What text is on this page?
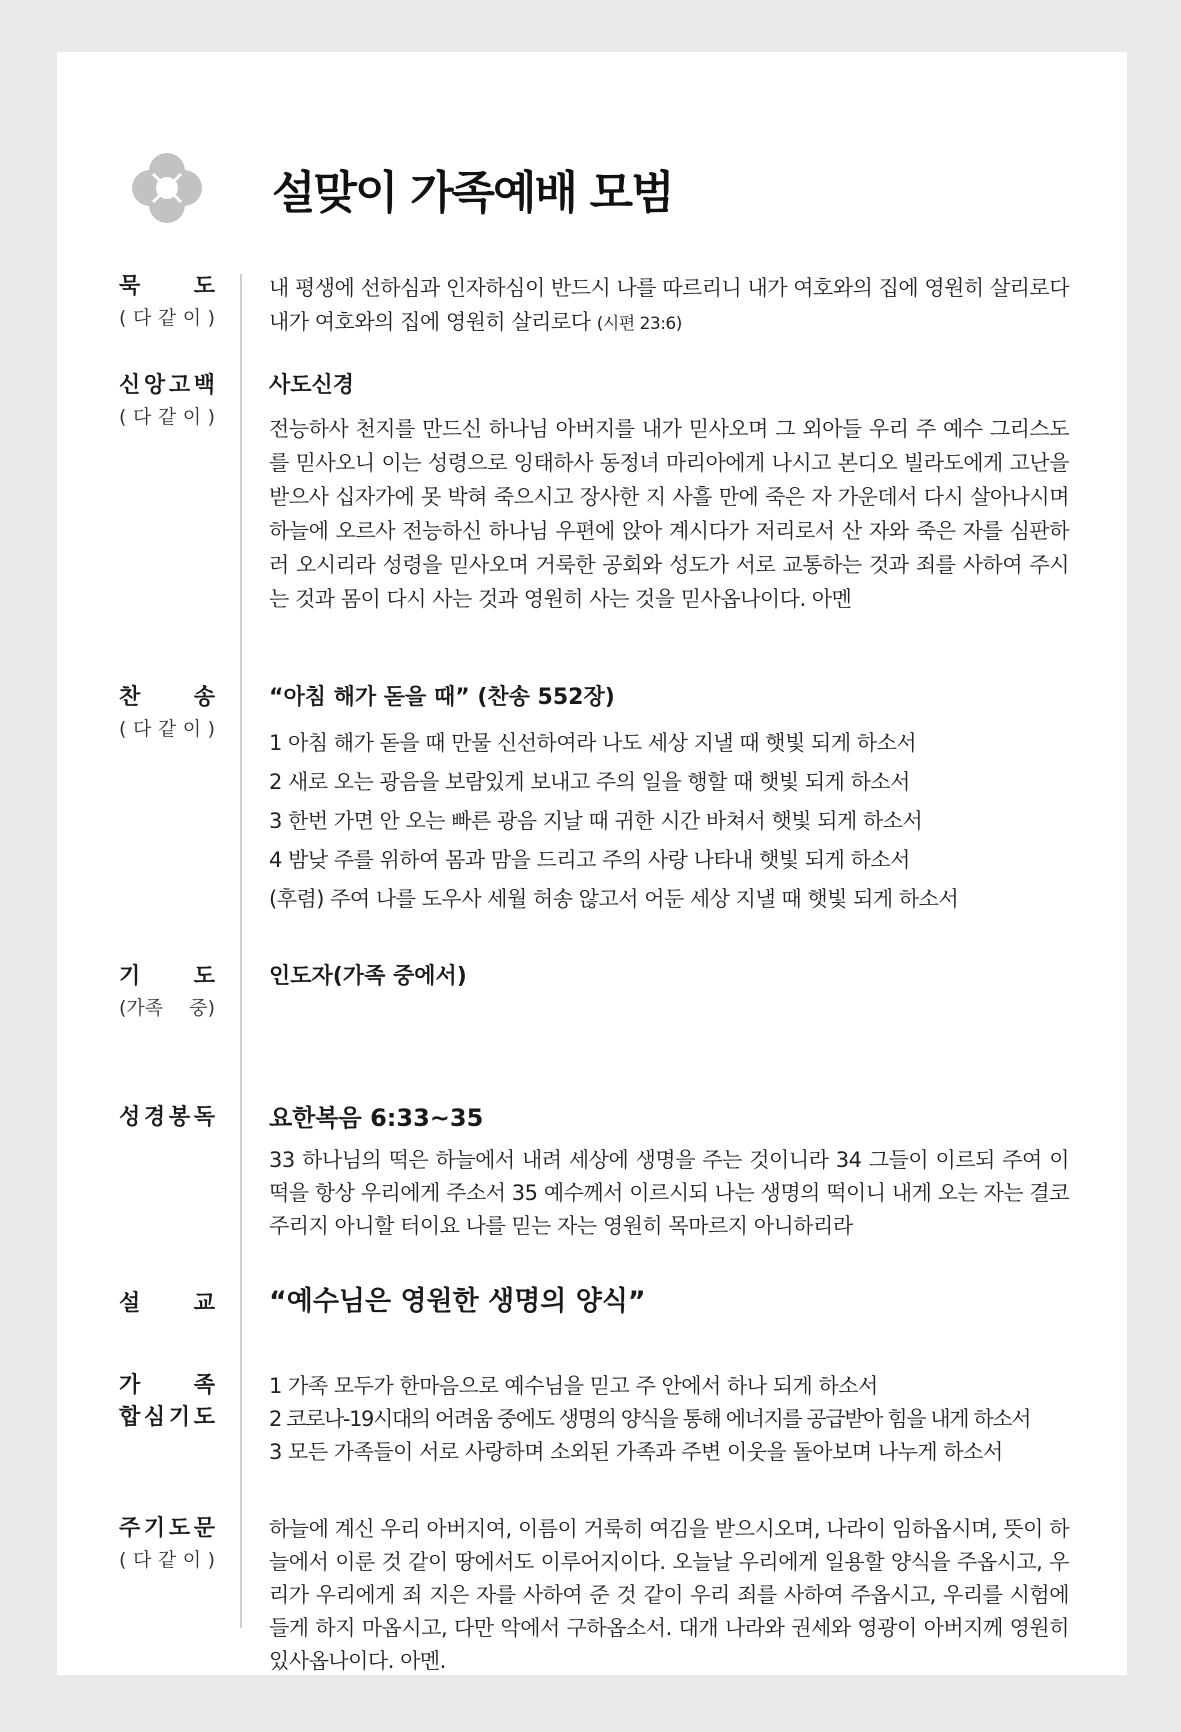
설맞이 가족예배 모범
묵 도
( 다 같 이 )
내 평생에 선하심과 인자하심이 반드시 나를 따르리니 내가 여호와의 집에 영원히 살리로다 내가 여호와의 집에 영원히 살리로다 (시편 23:6)
신 앙 고 백
( 다 같 이 )
사도신경
전능하사 천지를 만드신 하나님 아버지를 내가 믿사오며 그 외아들 우리 주 예수 그리스도를 믿사오니 이는 성령으로 잉태하사 동정녀 마리아에게 나시고 본디오 빌라도에게 고난을 받으사 십자가에 못 박혀 죽으시고 장사한 지 사흘 만에 죽은 자 가운데서 다시 살아나시며 하늘에 오르사 전능하신 하나님 우편에 앉아 계시다가 저리로서 산 자와 죽은 자를 심판하러 오시리라 성령을 믿사오며 거룩한 공회와 성도가 서로 교통하는 것과 죄를 사하여 주시는 것과 몸이 다시 사는 것과 영원히 사는 것을 믿사옵나이다. 아멘
찬 송
( 다 같 이 )
“아침 해가 돋을 때” (찬송 552장)
1 아침 해가 돋을 때 만물 신선하여라 나도 세상 지낼 때 햇빛 되게 하소서
2 새로 오는 광음을 보람있게 보내고 주의 일을 행할 때 햇빛 되게 하소서
3 한번 가면 안 오는 빠른 광음 지날 때 귀한 시간 바쳐서 햇빛 되게 하소서
4 밤낮 주를 위하여 몸과 맘을 드리고 주의 사랑 나타내 햇빛 되게 하소서
(후렴) 주여 나를 도우사 세월 허송 않고서 어둔 세상 지낼 때 햇빛 되게 하소서
기 도
(가족 중)
인도자(가족 중에서)
성 경 봉 독 요한복음 6:33~35
33 하나님의 떡은 하늘에서 내려 세상에 생명을 주는 것이니라 34 그들이 이르되 주여 이 떡을 항상 우리에게 주소서 35 예수께서 이르시되 나는 생명의 떡이니 내게 오는 자는 결코 주리지 아니할 터이요 나를 믿는 자는 영원히 목마르지 아니하리라
설 교 “예수님은 영원한 생명의 양식”
가 족
합 심 기 도
1 가족 모두가 한마음으로 예수님을 믿고 주 안에서 하나 되게 하소서
2 코로나-19시대의 어려움 중에도 생명의 양식을 통해 에너지를 공급받아 힘을 내게 하소서
3 모든 가족들이 서로 사랑하며 소외된 가족과 주변 이웃을 돌아보며 나누게 하소서
주 기 도 문
( 다 같 이 )
하늘에 계신 우리 아버지여, 이름이 거룩히 여김을 받으시오며, 나라이 임하옵시며, 뜻이 하늘에서 이룬 것 같이 땅에서도 이루어지이다. 오늘날 우리에게 일용할 양식을 주옵시고, 우리가 우리에게 죄 지은 자를 사하여 준 것 같이 우리 죄를 사하여 주옵시고, 우리를 시험에 들게 하지 마옵시고, 다만 악에서 구하옵소서. 대개 나라와 권세와 영광이 아버지께 영원히 있사옵나이다. 아멘.
